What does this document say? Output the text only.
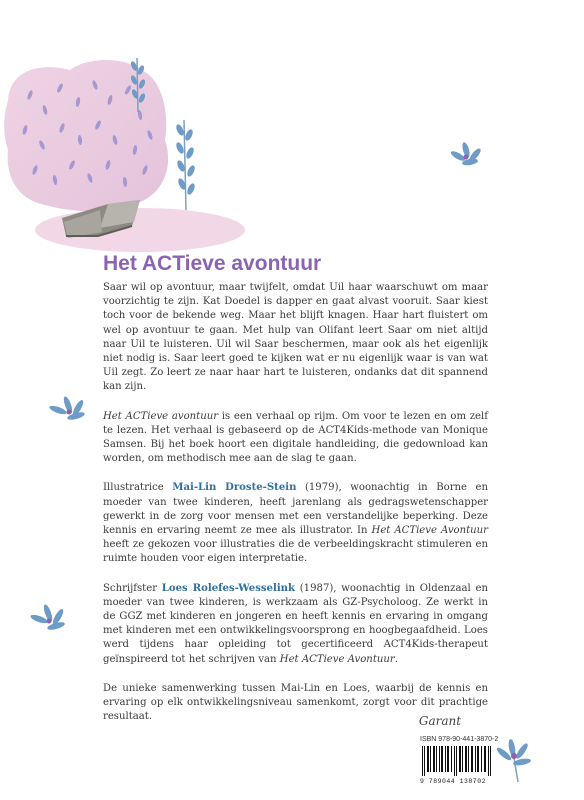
Het ACTieve avontuur

Saar wil op avontuur, maar twijfelt, omdat Uil haar waarschuwt om maar voorzichtig te zijn. Kat Doedel is dapper en gaat alvast vooruit. Saar kiest toch voor de bekende weg. Maar het blijft knagen. Haar hart fluistert om wel op avontuur te gaan. Met hulp van Olifant leert Saar om niet altijd naar Uil te luisteren. Uil wil Saar beschermen, maar ook als het eigenlijk niet nodig is. Saar leert goed te kijken wat er nu eigenlijk waar is van wat Uil zegt. Zo leert ze naar haar hart te luisteren, ondanks dat dit spannend kan zijn.

Het ACTieve avontuur is een verhaal op rijm. Om voor te lezen en om zelf te lezen. Het verhaal is gebaseerd op de ACT4Kids-methode van Monique Samsen. Bij het boek hoort een digitale handleiding, die gedownload kan worden, om methodisch mee aan de slag te gaan.

Illustratrice Mai-Lin Droste-Stein (1979), woonachtig in Borne en moeder van twee kinderen, heeft jarenlang als gedragswetenschapper gewerkt in de zorg voor mensen met een verstandelijke beperking. Deze kennis en ervaring neemt ze mee als illustrator. In Het ACTieve Avontuur heeft ze gekozen voor illustraties die de verbeeldingskracht stimuleren en ruimte houden voor eigen interpretatie.

Schrijfster Loes Rolefes-Wesselink (1987), woonachtig in Oldenzaal en moeder van twee kinderen, is werkzaam als GZ-Psycholoog. Ze werkt in de GGZ met kinderen en jongeren en heeft kennis en ervaring in omgang met kinderen met een ontwikkelingsvoorsprong en hoogbegaafdheid. Loes werd tijdens haar opleiding tot gecertificeerd ACT4Kids-therapeut geïnspireerd tot het schrijven van Het ACTieve Avontuur.

De unieke samenwerking tussen Mai-Lin en Loes, waarbij de kennis en ervaring op elk ontwikkelingsniveau samenkomt, zorgt voor dit prachtige resultaat.	Garant
ISBN 978-90-441-3870-2
9 789044 138702
